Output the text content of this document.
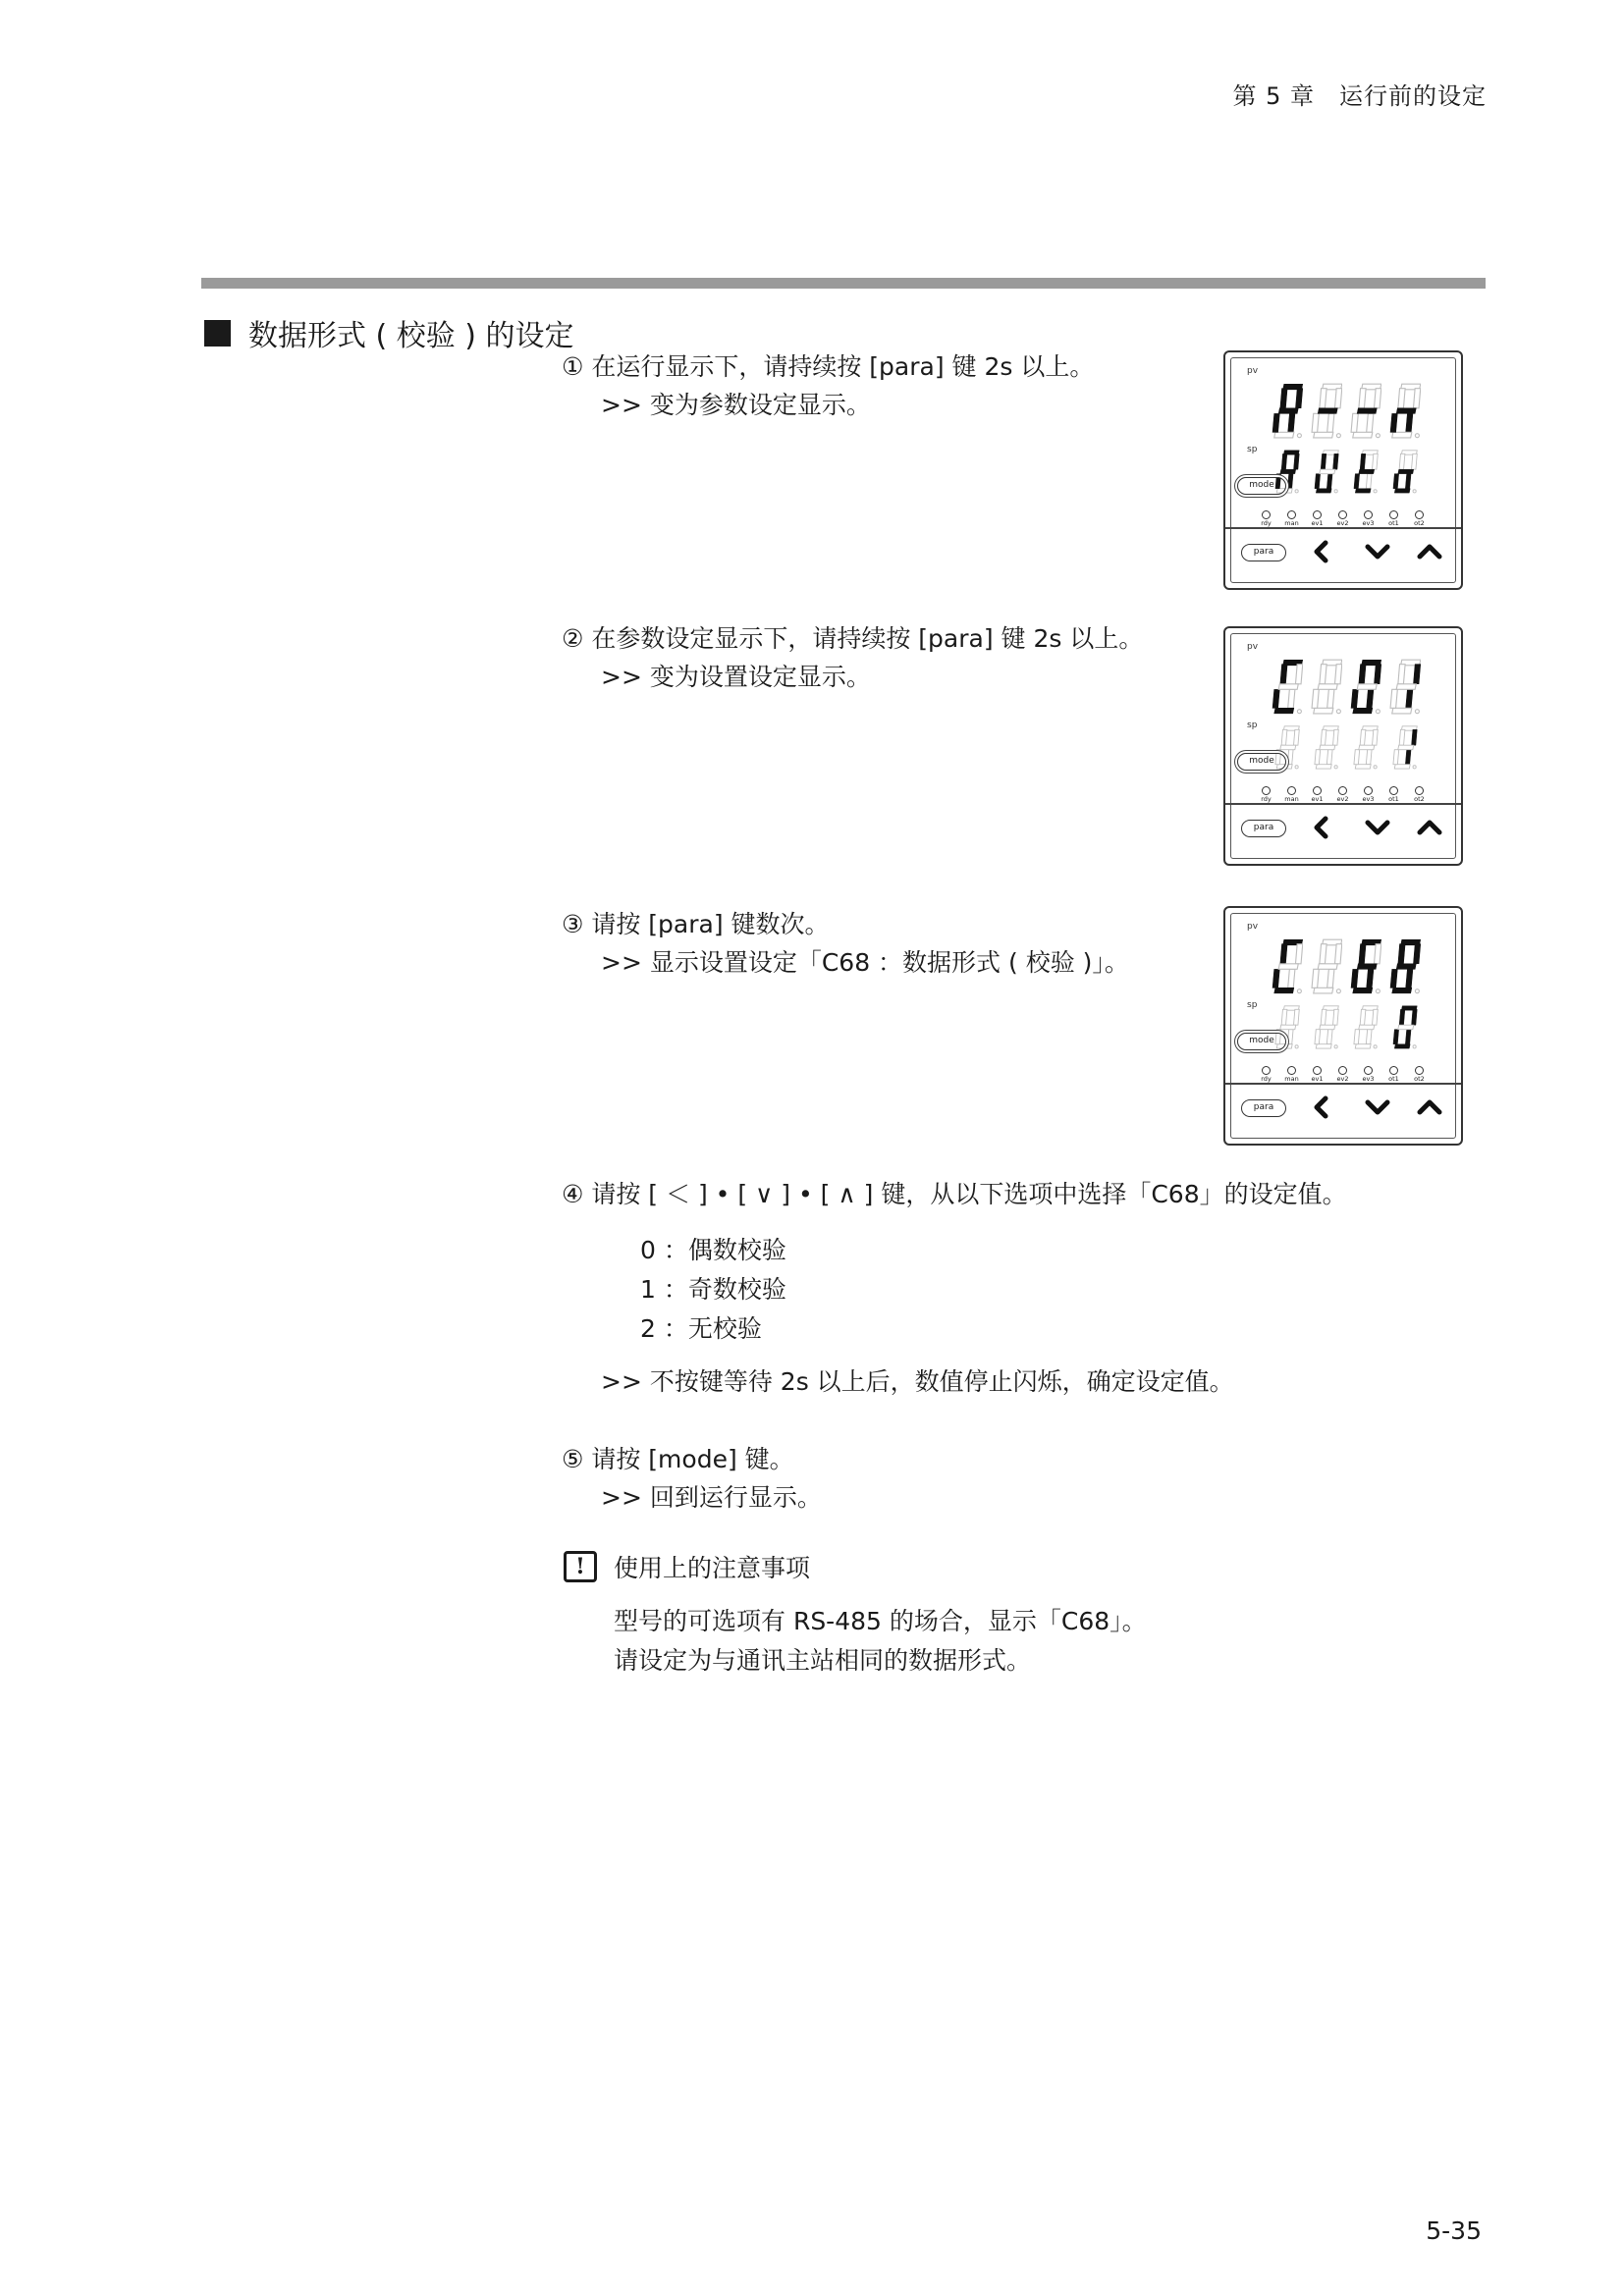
第 5 章　运行前的设定
数据形式 ( 校验 ) 的设定
① 在运行显示下，请持续按 [para] 键 2s 以上。
>> 变为参数设定显示。
② 在参数设定显示下，请持续按 [para] 键 2s 以上。
>> 变为设置设定显示。
③ 请按 [para] 键数次。
>> 显示设置设定「C68 ：数据形式 ( 校验 )」。
④ 请按 [ ＜ ] • [ ∨ ] • [ ∧ ] 键，从以下选项中选择「C68」的设定值。
0 ：偶数校验
1 ：奇数校验
2 ：无校验
>> 不按键等待 2s 以上后，数值停止闪烁，确定设定值。
⑤ 请按 [mode] 键。
>> 回到运行显示。
!	使用上的注意事项
型号的可选项有 RS-485 的场合，显示「C68」。
请设定为与通讯主站相同的数据形式。
pv
sp
mode
rdy man ev1 ev2 ev3 ot1 ot2
para
pv
sp
mode
rdy man ev1 ev2 ev3 ot1 ot2
para
pv
sp
mode
rdy man ev1 ev2 ev3 ot1 ot2
para
5-35
